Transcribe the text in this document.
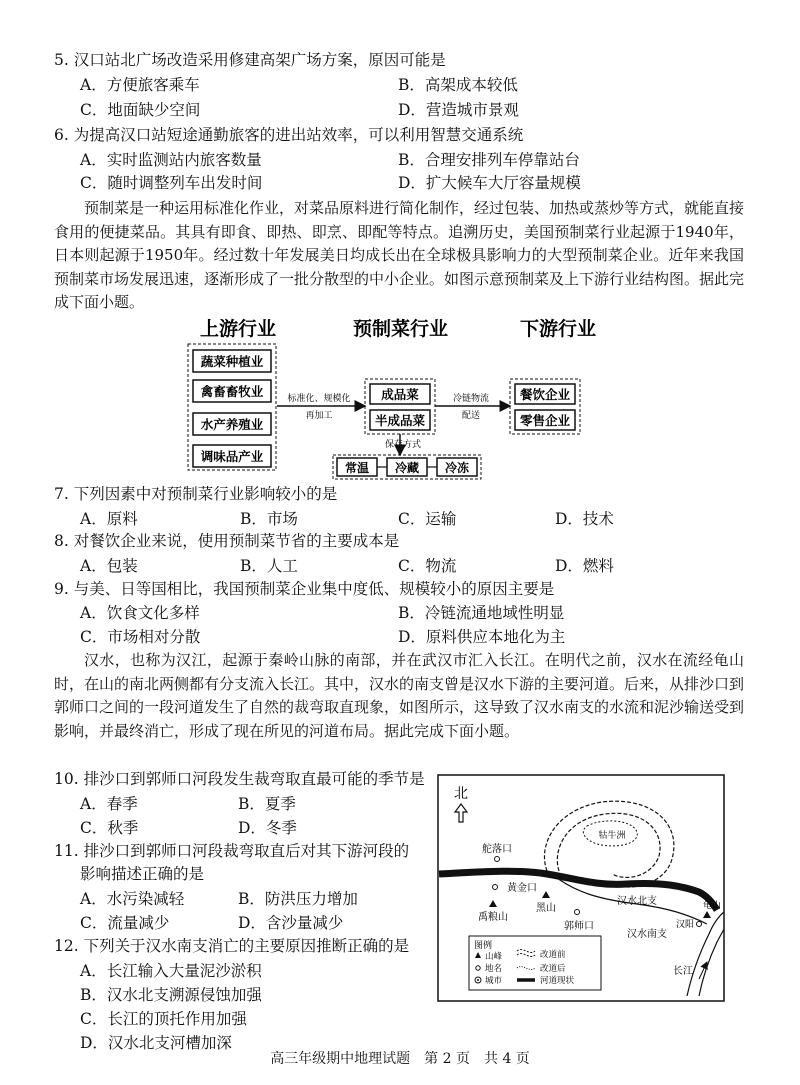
5. 汉口站北广场改造采用修建高架广场方案，原因可能是
A．方便旅客乘车	B．高架成本较低
C．地面缺少空间	D．营造城市景观
6. 为提高汉口站短途通勤旅客的进出站效率，可以利用智慧交通系统
A．实时监测站内旅客数量	B．合理安排列车停靠站台
C．随时调整列车出发时间	D．扩大候车大厅容量规模
预制菜是一种运用标准化作业，对菜品原料进行简化制作，经过包装、加热或蒸炒等方式，就能直接食用的便捷菜品。其具有即食、即热、即烹、即配等特点。追溯历史，美国预制菜行业起源于1940年，日本则起源于1950年。经过数十年发展美日均成长出在全球极具影响力的大型预制菜企业。近年来我国预制菜市场发展迅速，逐渐形成了一批分散型的中小企业。如图示意预制菜及上下游行业结构图。据此完成下面小题。
上游行业	预制菜行业	下游行业
蔬菜种植业
禽畜畜牧业
水产养殖业
调味品产业
标准化、规模化
再加工
成品菜
半成品菜
冷链物流
配送
餐饮企业
零售企业
保存方式
常温 冷藏 冷冻
7. 下列因素中对预制菜行业影响较小的是
A．原料	B．市场	C．运输	D．技术
8. 对餐饮企业来说，使用预制菜节省的主要成本是
A．包装	B．人工	C．物流	D．燃料
9. 与美、日等国相比，我国预制菜企业集中度低、规模较小的原因主要是
A．饮食文化多样	B．冷链流通地域性明显
C．市场相对分散	D．原料供应本地化为主
汉水，也称为汉江，起源于秦岭山脉的南部，并在武汉市汇入长江。在明代之前，汉水在流经龟山时，在山的南北两侧都有分支流入长江。其中，汉水的南支曾是汉水下游的主要河道。后来，从排沙口到郭师口之间的一段河道发生了自然的裁弯取直现象，如图所示，这导致了汉水南支的水流和泥沙输送受到影响，并最终消亡，形成了现在所见的河道布局。据此完成下面小题。
10. 排沙口到郭师口河段发生裁弯取直最可能的季节是
A．春季	B．夏季
C．秋季	D．冬季
11. 排沙口到郭师口河段裁弯取直后对其下游河段的
影响描述正确的是
A．水污染减轻	B．防洪压力增加
C．流量减少	D．含沙量减少
12. 下列关于汉水南支消亡的主要原因推断正确的是
A．长江输入大量泥沙淤积
B．汉水北支溯源侵蚀加强
C．长江的顶托作用加强
D．汉水北支河槽加深
北
牯牛洲
舵落口
黄金口
禹粮山
黑山
郭师口
汉水北支
汉水南支
汉阳
龟山
长江
图例
山峰
地名
城市
改道前
改道后
河道现状
高三年级期中地理试题　第 2 页　共 4 页
